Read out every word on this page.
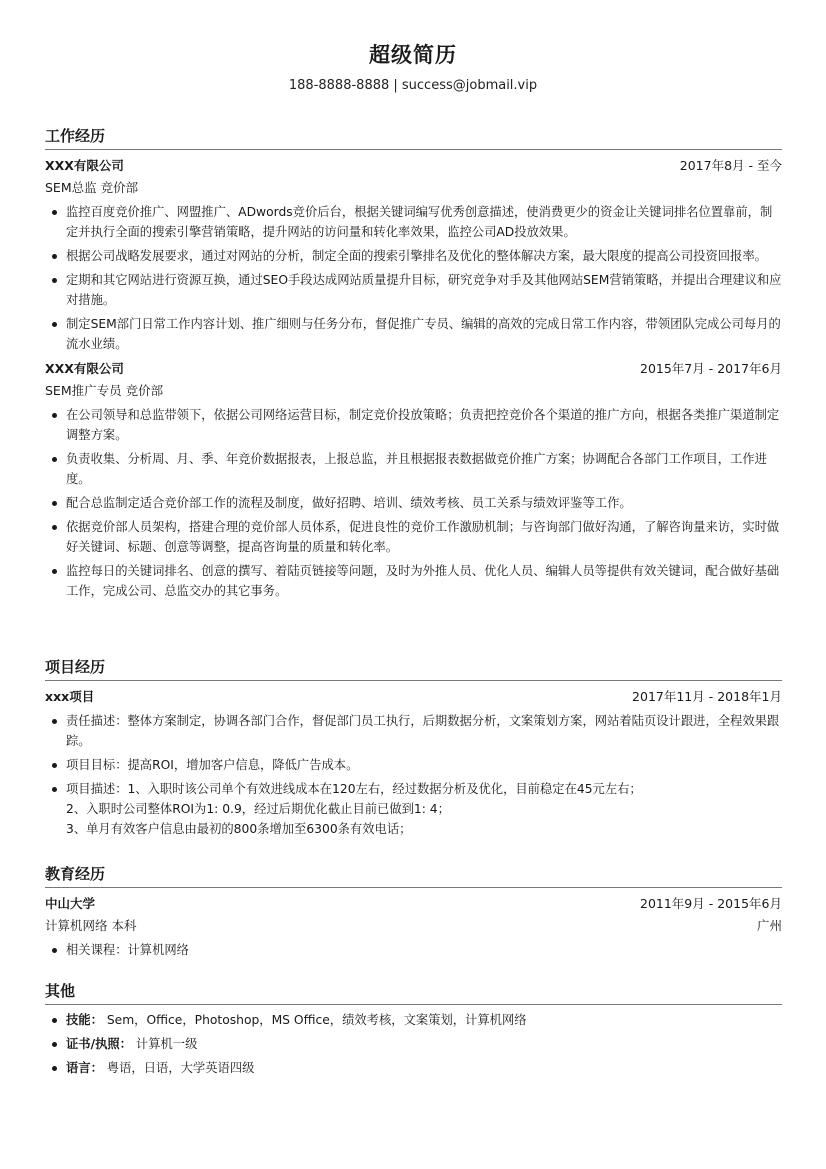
超级简历
188-8888-8888 | success@jobmail.vip
工作经历
XXX有限公司	2017年8月 - 至今
SEM总监 竞价部
监控百度竞价推广、网盟推广、ADwords竞价后台，根据关键词编写优秀创意描述，使消费更少的资金让关键词排名位置靠前，制定并执行全面的搜索引擎营销策略，提升网站的访问量和转化率效果，监控公司AD投放效果。
根据公司战略发展要求，通过对网站的分析，制定全面的搜索引擎排名及优化的整体解决方案，最大限度的提高公司投资回报率。
定期和其它网站进行资源互换，通过SEO手段达成网站质量提升目标，研究竞争对手及其他网站SEM营销策略，并提出合理建议和应对措施。
制定SEM部门日常工作内容计划、推广细则与任务分布，督促推广专员、编辑的高效的完成日常工作内容，带领团队完成公司每月的流水业绩。
XXX有限公司	2015年7月 - 2017年6月
SEM推广专员 竞价部
在公司领导和总监带领下，依据公司网络运营目标，制定竞价投放策略；负责把控竞价各个渠道的推广方向，根据各类推广渠道制定调整方案。
负责收集、分析周、月、季、年竞价数据报表，上报总监，并且根据报表数据做竞价推广方案；协调配合各部门工作项目，工作进度。
配合总监制定适合竞价部工作的流程及制度，做好招聘、培训、绩效考核、员工关系与绩效评鉴等工作。
依据竞价部人员架构，搭建合理的竞价部人员体系，促进良性的竞价工作激励机制；与咨询部门做好沟通，了解咨询量来访，实时做好关键词、标题、创意等调整，提高咨询量的质量和转化率。
监控每日的关键词排名、创意的撰写、着陆页链接等问题，及时为外推人员、优化人员、编辑人员等提供有效关键词，配合做好基础工作，完成公司、总监交办的其它事务。
项目经历
xxx项目	2017年11月 - 2018年1月
责任描述：整体方案制定，协调各部门合作，督促部门员工执行，后期数据分析，文案策划方案，网站着陆页设计跟进，全程效果跟踪。
项目目标：提高ROI，增加客户信息，降低广告成本。
项目描述：1、入职时该公司单个有效进线成本在120左右，经过数据分析及优化，目前稳定在45元左右；
2、入职时公司整体ROI为1: 0.9，经过后期优化截止目前已做到1: 4；
3、单月有效客户信息由最初的800条增加至6300条有效电话；
教育经历
中山大学	2011年9月 - 2015年6月
计算机网络 本科	广州
相关课程：计算机网络
其他
技能： Sem，Office，Photoshop，MS Office，绩效考核，文案策划，计算机网络
证书/执照： 计算机一级
语言： 粤语，日语，大学英语四级
